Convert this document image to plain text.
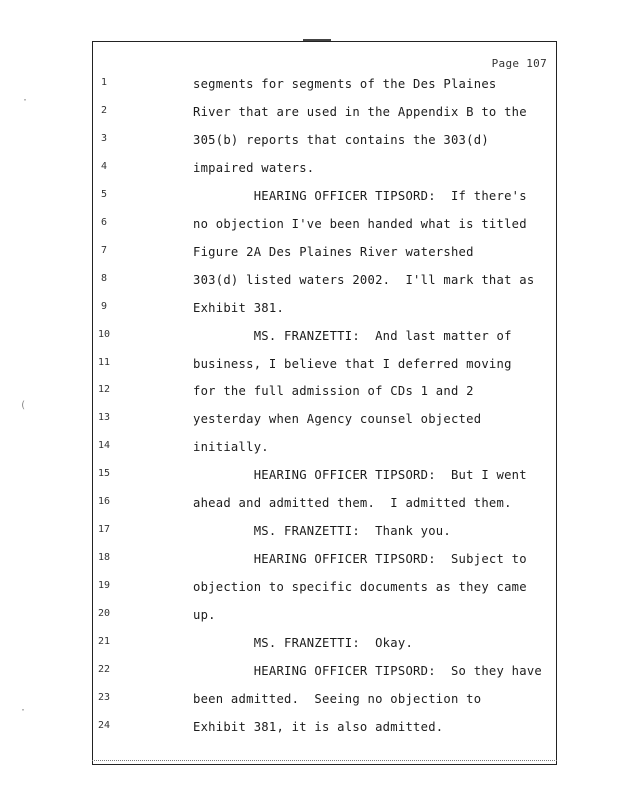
Page 107
1	segments for segments of the Des Plaines
2	River that are used in the Appendix B to the
3	305(b) reports that contains the 303(d)
4	impaired waters.
5	HEARING OFFICER TIPSORD:  If there's
6	no objection I've been handed what is titled
7	Figure 2A Des Plaines River watershed
8	303(d) listed waters 2002.  I'll mark that as
9	Exhibit 381.
10	MS. FRANZETTI:  And last matter of
11	business, I believe that I deferred moving
12	for the full admission of CDs 1 and 2
13	yesterday when Agency counsel objected
14	initially.
15	HEARING OFFICER TIPSORD:  But I went
16	ahead and admitted them.  I admitted them.
17	MS. FRANZETTI:  Thank you.
18	HEARING OFFICER TIPSORD:  Subject to
19	objection to specific documents as they came
20	up.
21	MS. FRANZETTI:  Okay.
22	HEARING OFFICER TIPSORD:  So they have
23	been admitted.  Seeing no objection to
24	Exhibit 381, it is also admitted.
·
(
·
